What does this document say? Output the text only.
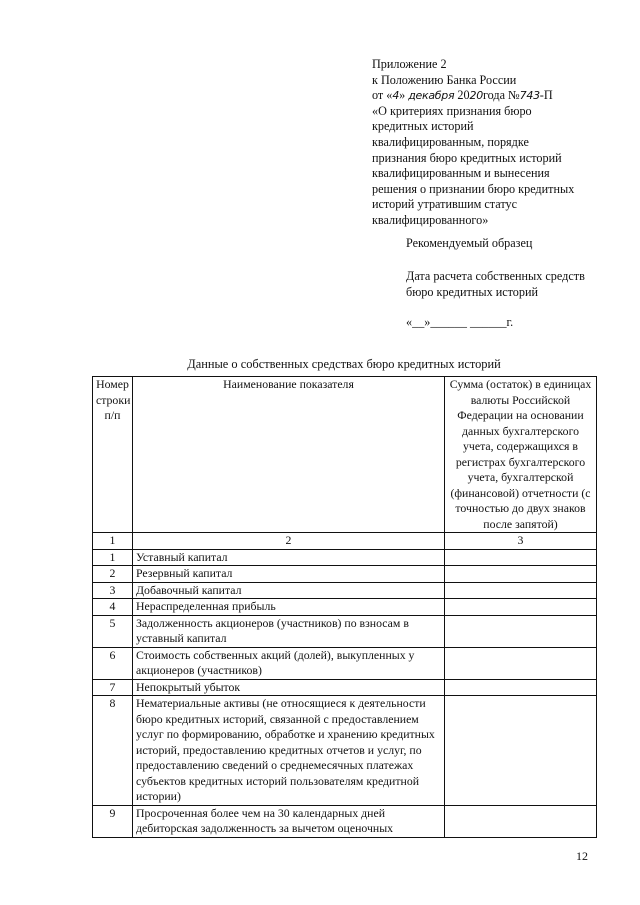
Приложение 2
к Положению Банка России
от «4» декабря 2020года №743-П
«О критериях признания бюро
кредитных историй
квалифицированным, порядке
признания бюро кредитных историй
квалифицированным и вынесения
решения о признании бюро кредитных
историй утратившим статус
квалифицированного»
Рекомендуемый образец
Дата расчета собственных средств
бюро кредитных историй
«__»______ ______г.
Данные о собственных средствах бюро кредитных историй
Номер строки п/п	Наименование показателя	Сумма (остаток) в единицах валюты Российской Федерации на основании данных бухгалтерского учета, содержащихся в регистрах бухгалтерского учета, бухгалтерской (финансовой) отчетности (с точностью до двух знаков после запятой)
1	2	3
1	Уставный капитал	
2	Резервный капитал	
3	Добавочный капитал	
4	Нераспределенная прибыль	
5	Задолженность акционеров (участников) по взносам в уставный капитал	
6	Стоимость собственных акций (долей), выкупленных у акционеров (участников)	
7	Непокрытый убыток	
8	Нематериальные активы (не относящиеся к деятельности бюро кредитных историй, связанной с предоставлением услуг по формированию, обработке и хранению кредитных историй, предоставлению кредитных отчетов и услуг, по предоставлению сведений о среднемесячных платежах субъектов кредитных историй пользователям кредитной истории)	
9	Просроченная более чем на 30 календарных дней дебиторская задолженность за вычетом оценочных	
12
